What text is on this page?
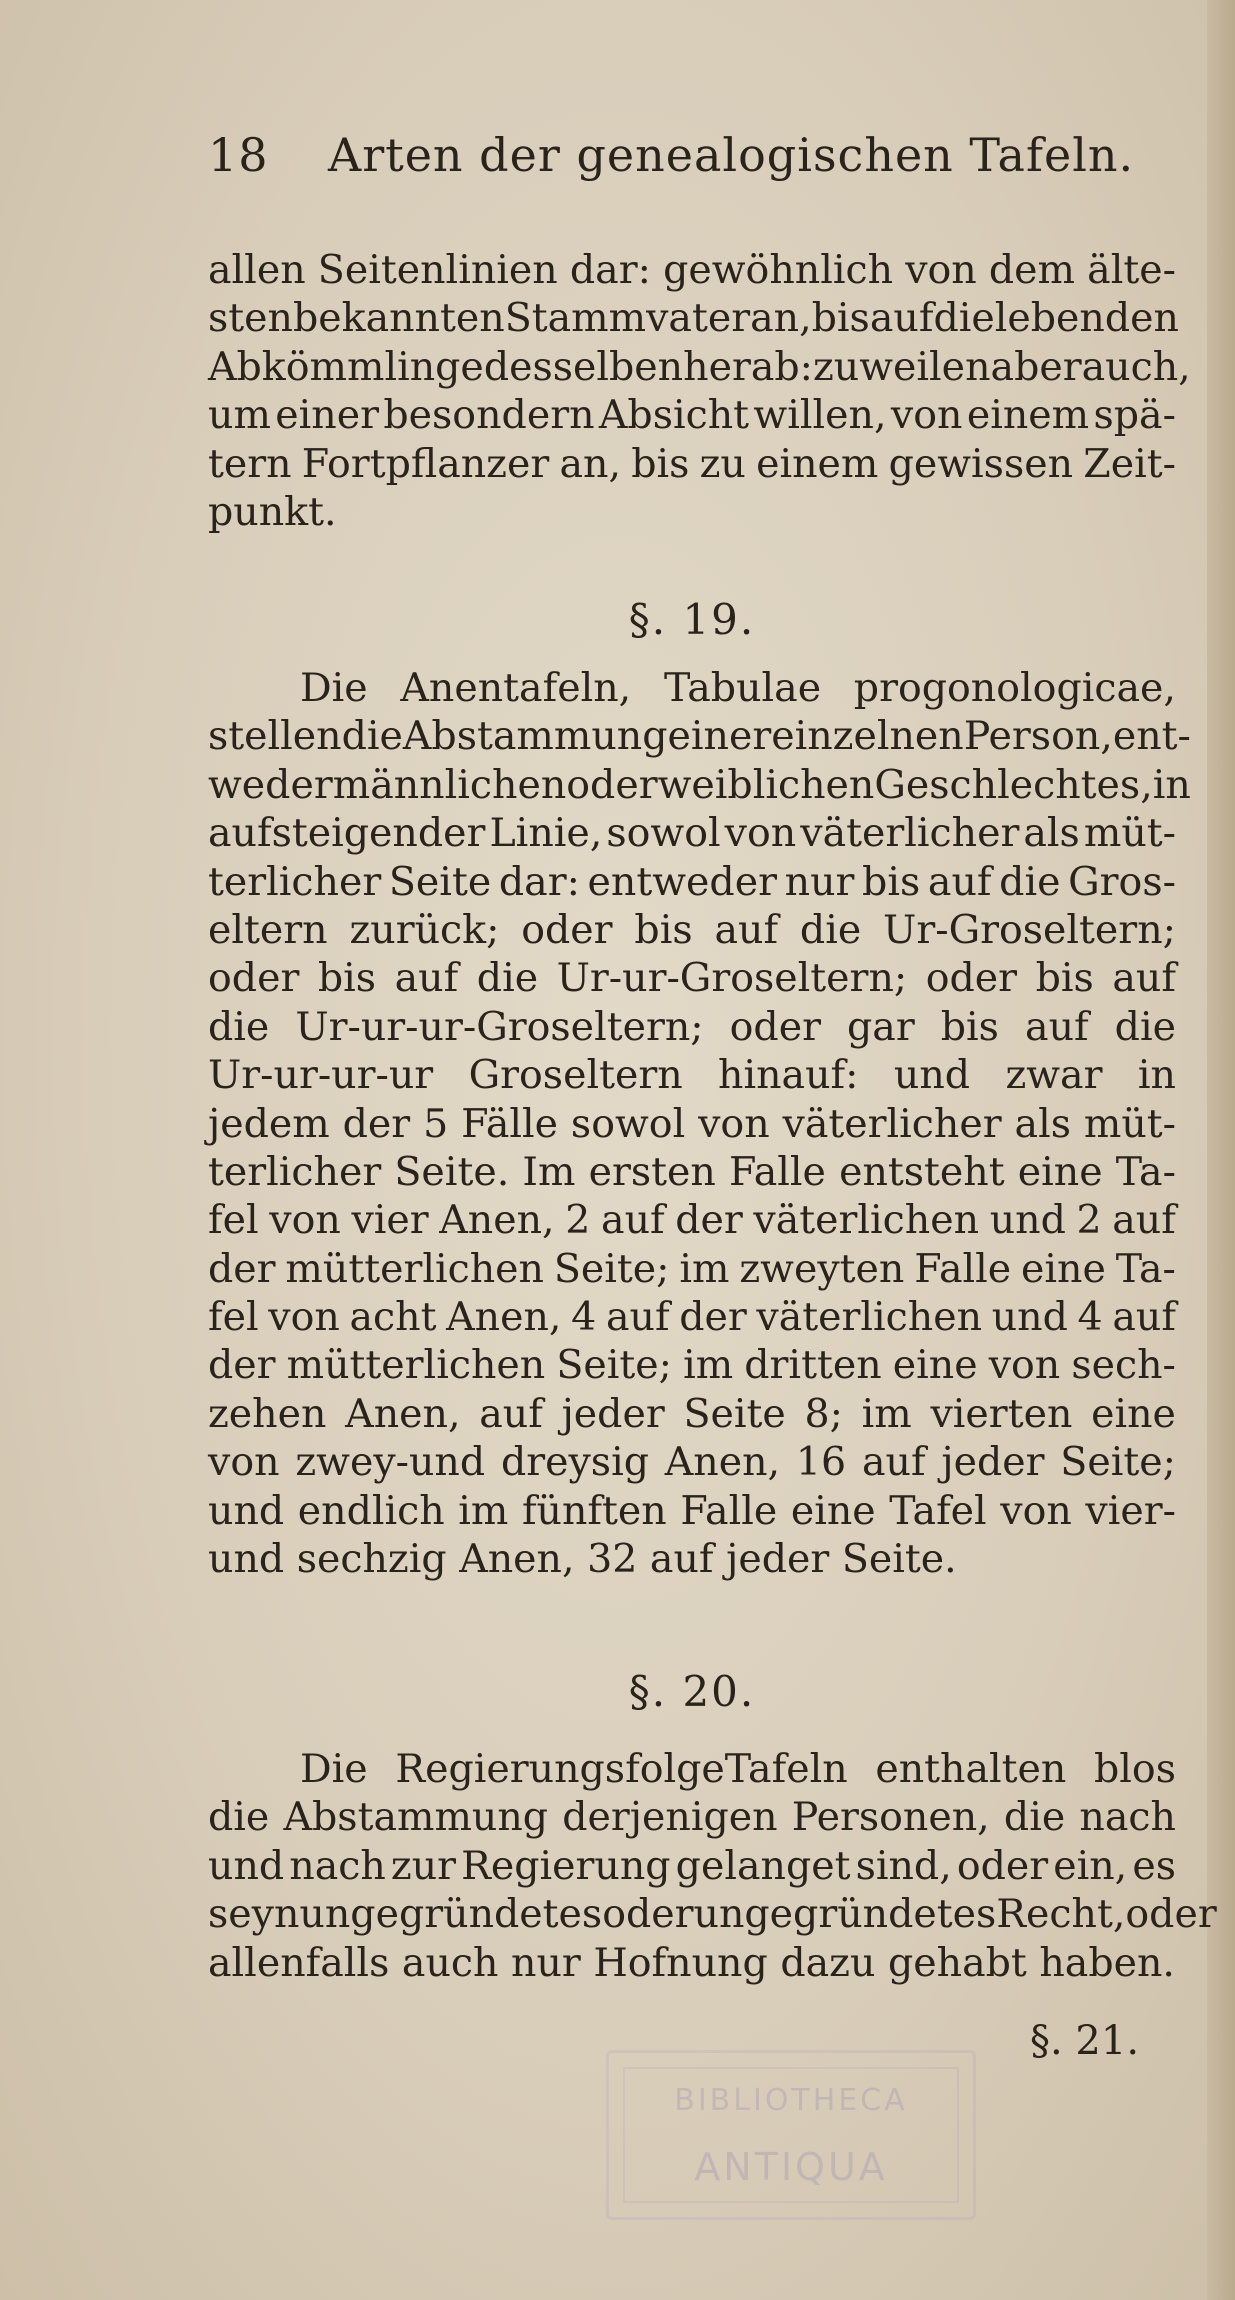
18 Arten der genealogischen Tafeln.
allen Seitenlinien dar: gewöhnlich von dem älte-
sten bekannten Stammvater an, bis auf die lebenden
Abkömmlinge desselben herab: zuweilen aber auch,
um einer besondern Absicht willen, von einem spä-
tern Fortpflanzer an, bis zu einem gewissen Zeit-
punkt.
§. 19.
Die Anentafeln, Tabulae progonologicae,
stellen die Abstammung einer einzelnen Person, ent-
weder männlichen oder weiblichen Geschlechtes, in
aufsteigender Linie, sowol von väterlicher als müt-
terlicher Seite dar: entweder nur bis auf die Gros-
eltern zurück; oder bis auf die Ur-Groseltern;
oder bis auf die Ur-ur-Groseltern; oder bis auf
die Ur-ur-ur-Groseltern; oder gar bis auf die
Ur-ur-ur-ur Groseltern hinauf: und zwar in
jedem der 5 Fälle sowol von väterlicher als müt-
terlicher Seite. Im ersten Falle entsteht eine Ta-
fel von vier Anen, 2 auf der väterlichen und 2 auf
der mütterlichen Seite; im zweyten Falle eine Ta-
fel von acht Anen, 4 auf der väterlichen und 4 auf
der mütterlichen Seite; im dritten eine von sech-
zehen Anen, auf jeder Seite 8; im vierten eine
von zwey-und dreysig Anen, 16 auf jeder Seite;
und endlich im fünften Falle eine Tafel von vier-
und sechzig Anen, 32 auf jeder Seite.
§. 20.
Die RegierungsfolgeTafeln enthalten blos
die Abstammung derjenigen Personen, die nach
und nach zur Regierung gelanget sind, oder ein, es
sey nun gegründetes oder ungegründetes Recht, oder
allenfalls auch nur Hofnung dazu gehabt haben.
§. 21.
BIBLIOTHECA
ANTIQUA
